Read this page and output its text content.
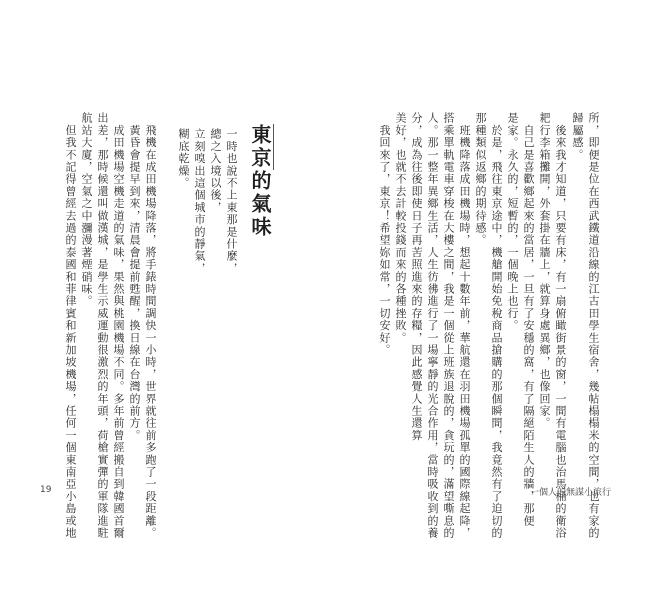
所，即便是位在西武鐵道沿線的江古田學生宿舍，幾帖榻榻米的空間，也有家的
歸屬感。
　後來我才知道，只要有床，有一扇俯瞰街景的窗，一間有電腦也治馬桶的衛浴
耙行李箱攤開，外套掛在牆上，就算身處異鄉，也像回家。
　自己是喜歡鄉起來的當居，一旦有了安穩的窩，有了隔絕陌生人的牆，那便
是家。永久的，短暫的，一個晚上也行。
　於是，飛往東京途中，機艙開始免稅商品搶購的那個瞬間，我竟然有了迫切的
那種類似返鄉的期待感。
　班機降落成田機場時，想起十數年前，華航還在羽田機場孤單的國際線起降，
搭乘單軌電車穿梭在大樓之間，我是一個從上班族退脫的，貪玩的，滿望嘶息的
人。那一整年異鄉生活，人生彷彿進行了一場寧靜的光合作用，當時吸收到的養
分，成為往後即使日子再苦照進來的存糧，因此感覺人生還算
美好，也就不去計較投錢而來的各種挫敗。
　我回來了，東京！希望妳如常，一切安好。
東京的氣味
一時也說不上東那是什麼，
總之入境以後，
立刻嗅出這個城市的靜氣，
糊底乾燥。
　飛機在成田機場降落，將手錶時間調快一小時，世界就往前多跑了一段距離。
　黃昏會提早到來，清晨會提前甦醒，換日線在台灣的前方。
　成田機場空機走道的氣味，果然與桃園機場不同。多年前曾經搬自到韓國首爾
出差，那時候還叫做漢城，是學生示威運動很激烈的年頭，荷槍實彈的軍隊進駐
航站大廈，空氣之中瀰漫著煙硝味。
　但我不記得曾經去過的泰國和菲律賓和新加坡機場，任何一個東南亞小島或地
19	一個人的無謀小旅行
